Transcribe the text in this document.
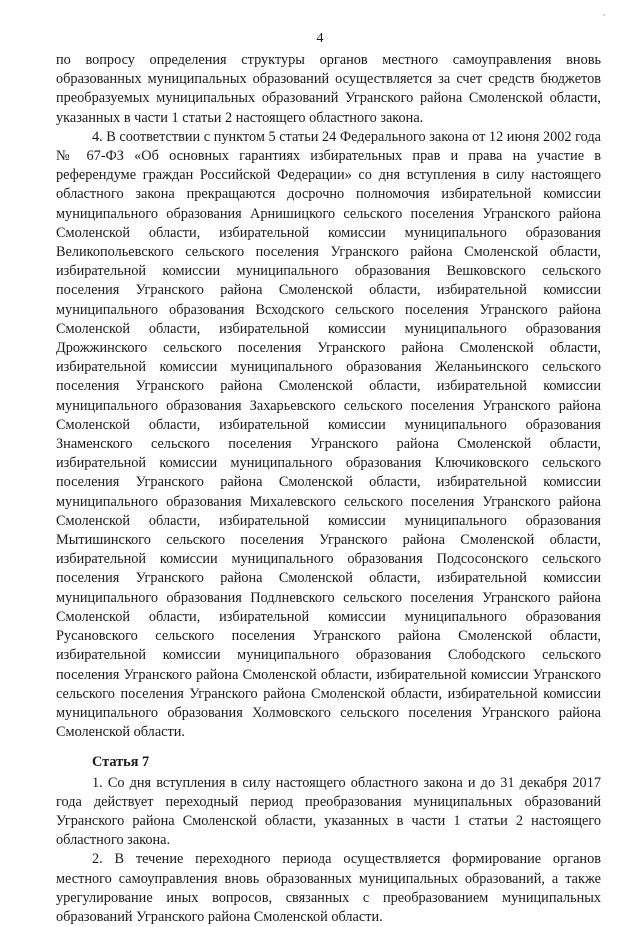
ˇ
4

по вопросу определения структуры органов местного самоуправления вновь образованных муниципальных образований осуществляется за счет средств бюджетов преобразуемых муниципальных образований Угранского района Смоленской области, указанных в части 1 статьи 2 настоящего областного закона.

4. В соответствии с пунктом 5 статьи 24 Федерального закона от 12 июня 2002 года № 67-ФЗ «Об основных гарантиях избирательных прав и права на участие в референдуме граждан Российской Федерации» со дня вступления в силу настоящего областного закона прекращаются досрочно полномочия избирательной комиссии муниципального образования Арнишицкого сельского поселения Угранского района Смоленской области, избирательной комиссии муниципального образования Великопольевского сельского поселения Угранского района Смоленской области, избирательной комиссии муниципального образования Вешковского сельского поселения Угранского района Смоленской области, избирательной комиссии муниципального образования Всходского сельского поселения Угранского района Смоленской области, избирательной комиссии муниципального образования Дрожжинского сельского поселения Угранского района Смоленской области, избирательной комиссии муниципального образования Желаньинского сельского поселения Угранского района Смоленской области, избирательной комиссии муниципального образования Захарьевского сельского поселения Угранского района Смоленской области, избирательной комиссии муниципального образования Знаменского сельского поселения Угранского района Смоленской области, избирательной комиссии муниципального образования Ключиковского сельского поселения Угранского района Смоленской области, избирательной комиссии муниципального образования Михалевского сельского поселения Угранского района Смоленской области, избирательной комиссии муниципального образования Мытишинского сельского поселения Угранского района Смоленской области, избирательной комиссии муниципального образования Подсосонского сельского поселения Угранского района Смоленской области, избирательной комиссии муниципального образования Подлневского сельского поселения Угранского района Смоленской области, избирательной комиссии муниципального образования Русановского сельского поселения Угранского района Смоленской области, избирательной комиссии муниципального образования Слободского сельского поселения Угранского района Смоленской области, избирательной комиссии Угранского сельского поселения Угранского района Смоленской области, избирательной комиссии муниципального образования Холмовского сельского поселения Угранского района Смоленской области.

Статья 7

1. Со дня вступления в силу настоящего областного закона и до 31 декабря 2017 года действует переходный период преобразования муниципальных образований Угранского района Смоленской области, указанных в части 1 статьи 2 настоящего областного закона.

2. В течение переходного периода осуществляется формирование органов местного самоуправления вновь образованных муниципальных образований, а также урегулирование иных вопросов, связанных с преобразованием муниципальных образований Угранского района Смоленской области.
